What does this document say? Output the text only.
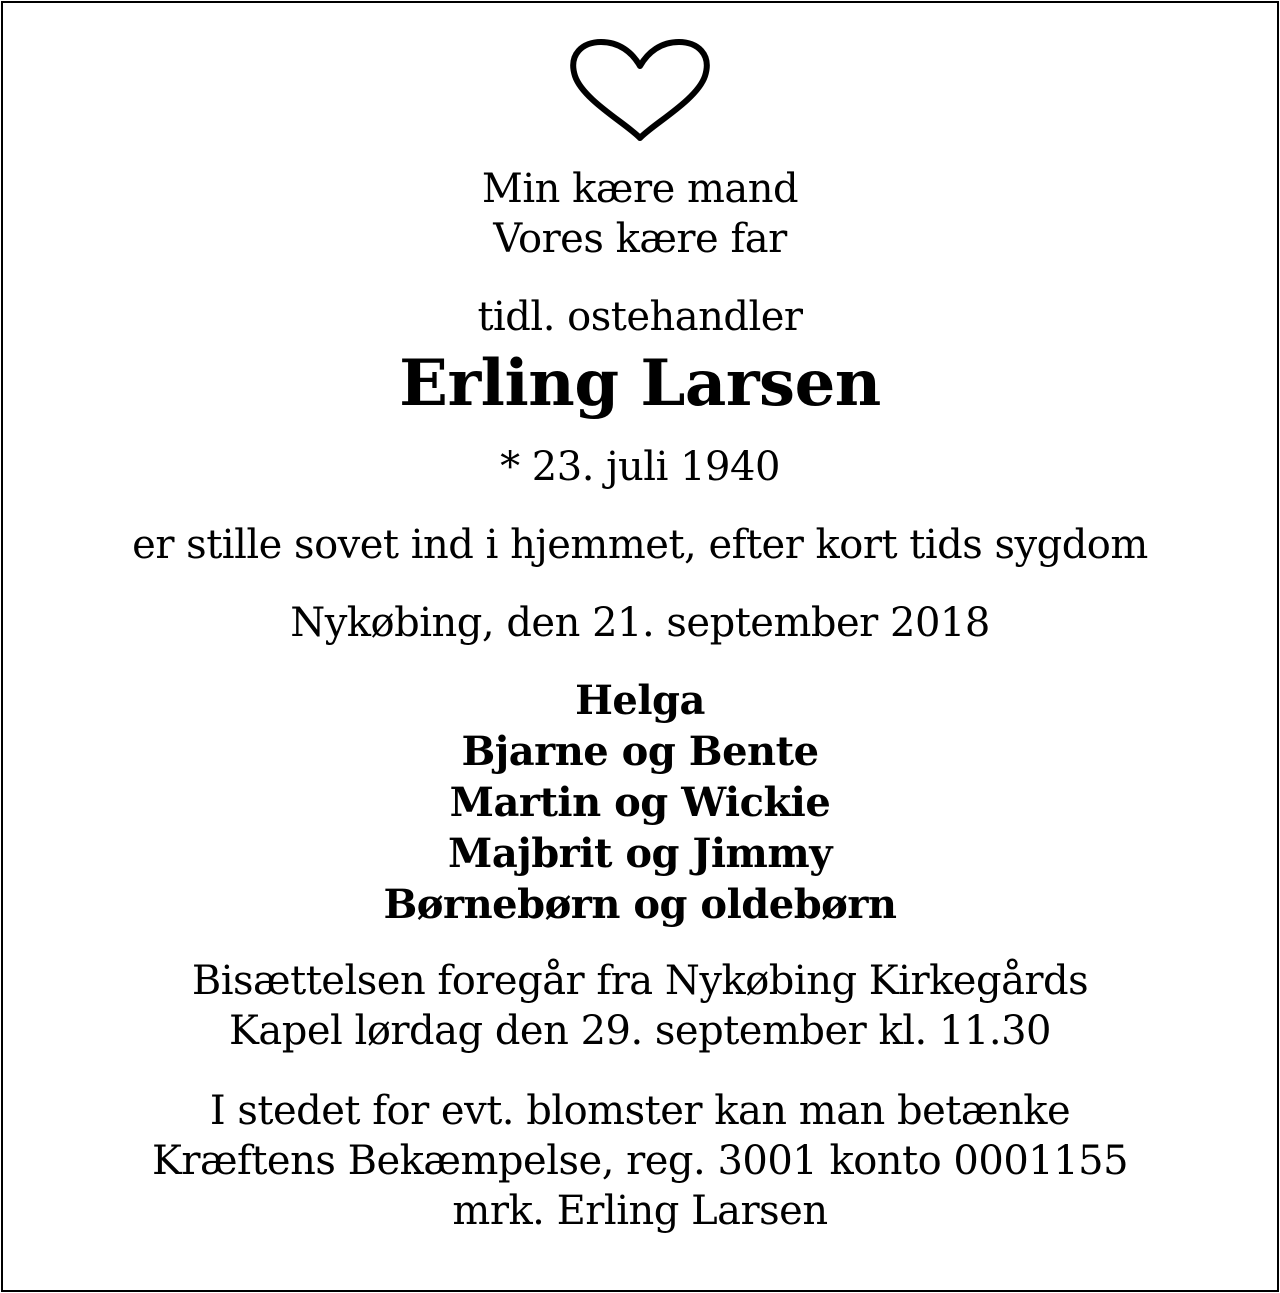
Min kære mand

Vores kære far

tidl. ostehandler

Erling Larsen

* 23. juli 1940

er stille sovet ind i hjemmet, efter kort tids sygdom

Nykøbing, den 21. september 2018

Helga

Bjarne og Bente

Martin og Wickie

Majbrit og Jimmy

Børnebørn og oldebørn

Bisættelsen foregår fra Nykøbing Kirkegårds

Kapel lørdag den 29. september kl. 11.30

I stedet for evt. blomster kan man betænke

Kræftens Bekæmpelse, reg. 3001 konto 0001155

mrk. Erling Larsen
